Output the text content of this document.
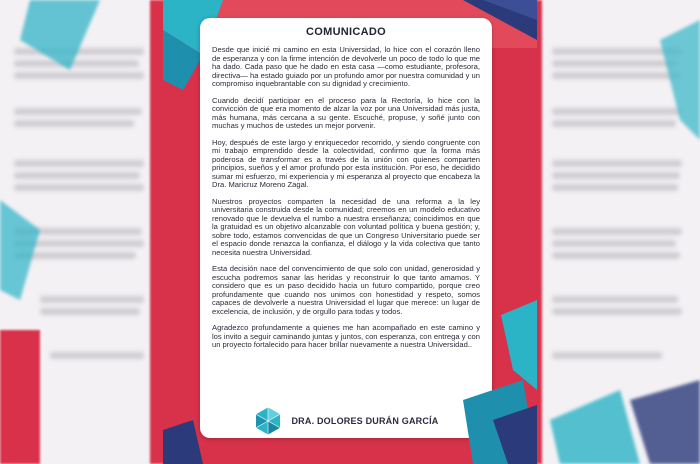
COMUNICADO

Desde que inicié mi camino en esta Universidad, lo hice con el corazón lleno de esperanza y con la firme intención de devolverle un poco de todo lo que me ha dado. Cada paso que he dado en esta casa —como estudiante, profesora, directiva— ha estado guiado por un profundo amor por nuestra comunidad y un compromiso inquebrantable con su dignidad y crecimiento.

Cuando decidí participar en el proceso para la Rectoría, lo hice con la convicción de que era momento de alzar la voz por una Universidad más justa, más humana, más cercana a su gente. Escuché, propuse, y soñé junto con muchas y muchos de ustedes un mejor porvenir.

Hoy, después de este largo y enriquecedor recorrido, y siendo congruente con mi trabajo emprendido desde la colectividad, confirmo que la forma más poderosa de transformar es a través de la unión con quienes comparten principios, sueños y el amor profundo por esta institución. Por eso, he decidido sumar mi esfuerzo, mi experiencia y mi esperanza al proyecto que encabeza la Dra. Maricruz Moreno Zagal.

Nuestros proyectos comparten la necesidad de una reforma a la ley universitaria construida desde la comunidad; creemos en un modelo educativo renovado que le devuelva el rumbo a nuestra enseñanza; coincidimos en que la gratuidad es un objetivo alcanzable con voluntad política y buena gestión; y, sobre todo, estamos convencidas de que un Congreso Universitario puede ser el espacio donde renazca la confianza, el diálogo y la vida colectiva que tanto necesita nuestra Universidad.

Esta decisión nace del convencimiento de que solo con unidad, generosidad y escucha podremos sanar las heridas y reconstruir lo que tanto amamos. Y considero que es un paso decidido hacia un futuro compartido, porque creo profundamente que cuando nos unimos con honestidad y respeto, somos capaces de devolverle a nuestra Universidad el lugar que merece: un lugar de excelencia, de inclusión, y de orgullo para todas y todos.

Agradezco profundamente a quienes me han acompañado en este camino y los invito a seguir caminando juntas y juntos, con esperanza, con entrega y con un proyecto fortalecido para hacer brillar nuevamente a nuestra Universidad..

DRA. DOLORES DURÁN GARCÍA
